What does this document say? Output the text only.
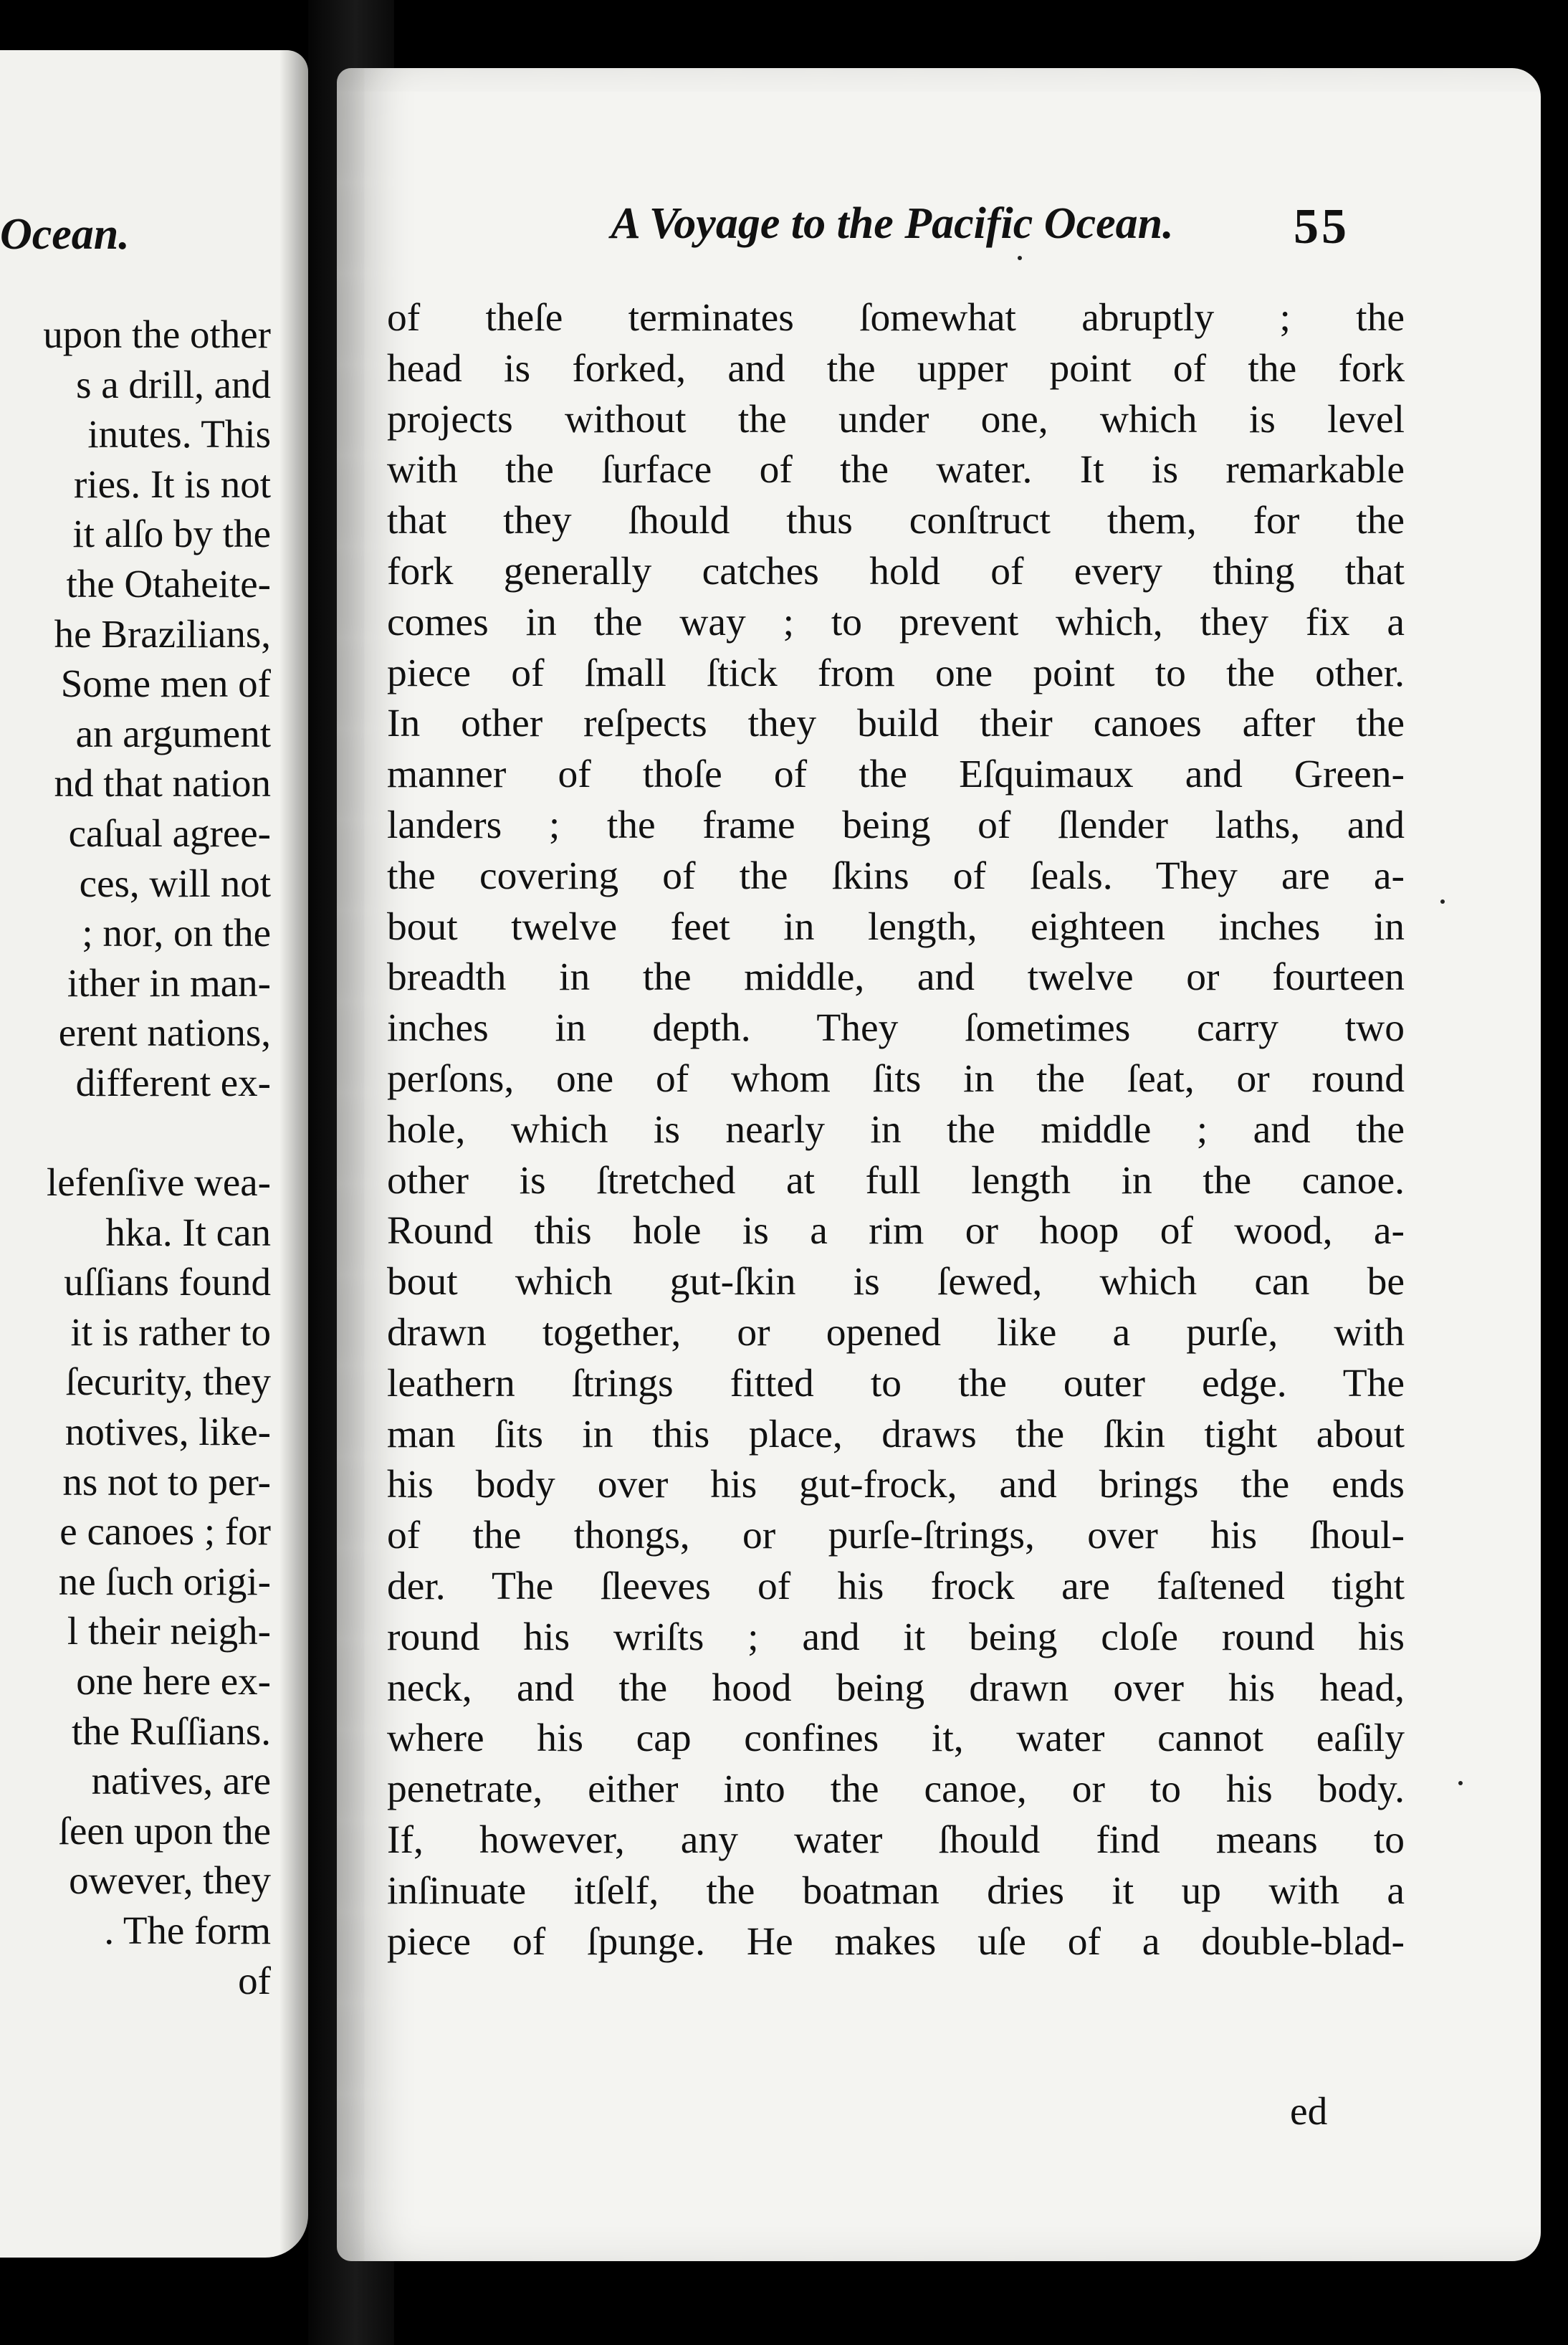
Ocean.
upon the other
s a drill, and
inutes. This
ries. It is not
it alſo by the
the Otaheite-
he Brazilians,
Some men of
an argument
nd that nation
caſual agree-
ces, will not
; nor, on the
ither in man-
erent nations,
different ex-
lefenſive wea-
hka. It can
uſſians found
it is rather to
ſecurity, they
notives, like-
ns not to per-
e canoes ; for
ne ſuch origi-
l their neigh-
one here ex-
the Ruſſians.
natives, are
ſeen upon the
owever, they
. The form
of
A Voyage to the Pacific Ocean.	55
of theſe terminates ſomewhat abruptly ; the
head is forked, and the upper point of the fork
projects without the under one, which is level
with the ſurface of the water. It is remarkable
that they ſhould thus conſtruct them, for the
fork generally catches hold of every thing that
comes in the way ; to prevent which, they fix a
piece of ſmall ſtick from one point to the other.
In other reſpects they build their canoes after the
manner of thoſe of the Eſquimaux and Green-
landers ; the frame being of ſlender laths, and
the covering of the ſkins of ſeals. They are a-
bout twelve feet in length, eighteen inches in
breadth in the middle, and twelve or fourteen
inches in depth. They ſometimes carry two
perſons, one of whom ſits in the ſeat, or round
hole, which is nearly in the middle ; and the
other is ſtretched at full length in the canoe.
Round this hole is a rim or hoop of wood, a-
bout which gut-ſkin is ſewed, which can be
drawn together, or opened like a purſe, with
leathern ſtrings fitted to the outer edge. The
man ſits in this place, draws the ſkin tight about
his body over his gut-frock, and brings the ends
of the thongs, or purſe-ſtrings, over his ſhoul-
der. The ſleeves of his frock are faſtened tight
round his wriſts ; and it being cloſe round his
neck, and the hood being drawn over his head,
where his cap confines it, water cannot eaſily
penetrate, either into the canoe, or to his body.
If, however, any water ſhould find means to
inſinuate itſelf, the boatman dries it up with a
piece of ſpunge. He makes uſe of a double-blad-
ed
